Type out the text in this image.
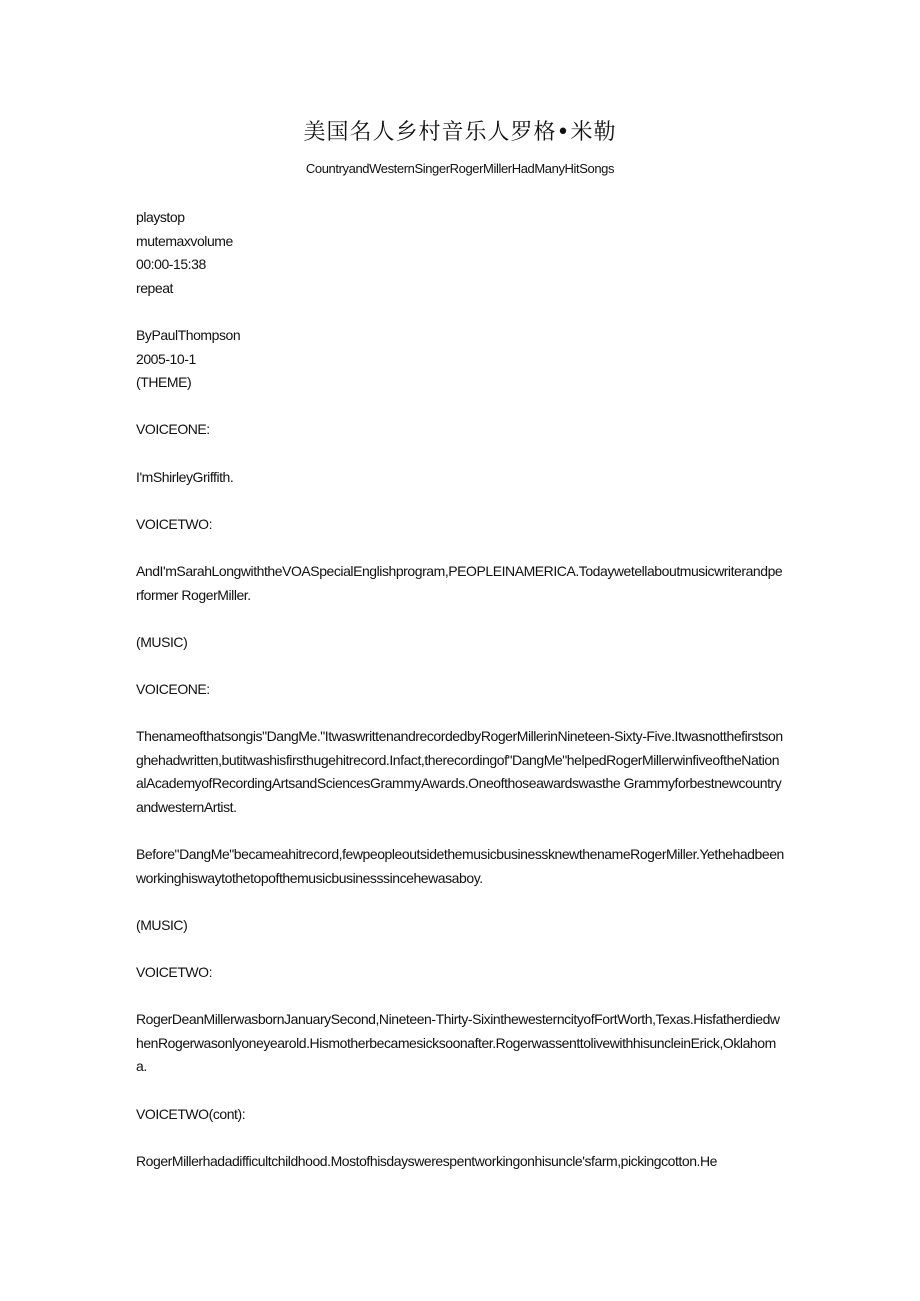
美国名人乡村音乐人罗格•米勒
CountryandWesternSingerRogerMillerHadManyHitSongs

playstop

mutemaxvolume

00:00-15:38

repeat

ByPaulThompson

2005-10-1

(THEME)

VOICEONE:

I'mShirleyGriffith.

VOICETWO:

AndI'mSarahLongwiththeVOASpecialEnglishprogram,PEOPLEINAMERICA.Todaywetellaboutmusicwriterandperformer RogerMiller.

(MUSIC)

VOICEONE:

Thenameofthatsongis"DangMe."ItwaswrittenandrecordedbyRogerMillerinNineteen-Sixty-Five.Itwasnotthefirstsonghehadwritten,butitwashisfirsthugehitrecord.Infact,therecordingof"DangMe"helpedRogerMillerwinfiveoftheNationalAcademyofRecordingArtsandSciencesGrammyAwards.Oneofthoseawardswasthe GrammyforbestnewcountryandwesternArtist.

Before"DangMe"becameahitrecord,fewpeopleoutsidethemusicbusinessknewthenameRogerMiller.Yethehadbeenworkinghiswaytothetopofthemusicbusinesssincehewasaboy.

(MUSIC)

VOICETWO:

RogerDeanMillerwasbornJanuarySecond,Nineteen-Thirty-SixinthewesterncityofFortWorth,Texas.HisfatherdiedwhenRogerwasonlyoneyearold.Hismotherbecamesicksoonafter.RogerwassenttolivewithhisuncleinErick,Oklahoma.

VOICETWO(cont):

RogerMillerhadadifficultchildhood.Mostofhisdayswerespentworkingonhisuncle'sfarm,pickingcotton.He
